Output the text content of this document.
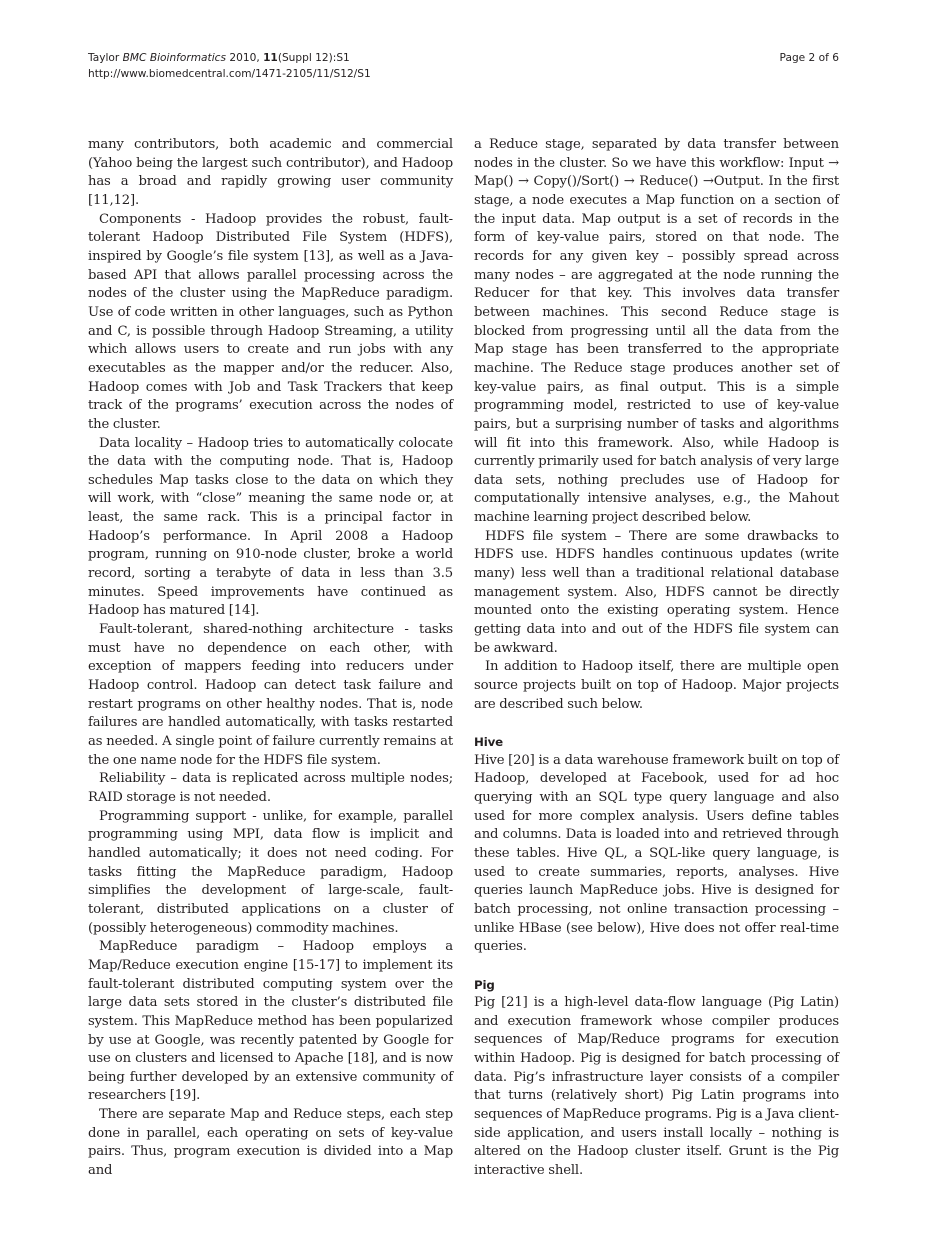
Taylor BMC Bioinformatics 2010, 11(Suppl 12):S1
http://www.biomedcentral.com/1471-2105/11/S12/S1
Page 2 of 6

many contributors, both academic and commercial (Yahoo being the largest such contributor), and Hadoop has a broad and rapidly growing user community [11,12].

Components - Hadoop provides the robust, fault-tolerant Hadoop Distributed File System (HDFS), inspired by Google’s file system [13], as well as a Java-based API that allows parallel processing across the nodes of the cluster using the MapReduce paradigm. Use of code written in other languages, such as Python and C, is possible through Hadoop Streaming, a utility which allows users to create and run jobs with any executables as the mapper and/or the reducer. Also, Hadoop comes with Job and Task Trackers that keep track of the programs’ execution across the nodes of the cluster.

Data locality – Hadoop tries to automatically colocate the data with the computing node. That is, Hadoop schedules Map tasks close to the data on which they will work, with “close” meaning the same node or, at least, the same rack. This is a principal factor in Hadoop’s performance. In April 2008 a Hadoop program, running on 910-node cluster, broke a world record, sorting a terabyte of data in less than 3.5 minutes. Speed improvements have continued as Hadoop has matured [14].

Fault-tolerant, shared-nothing architecture - tasks must have no dependence on each other, with exception of mappers feeding into reducers under Hadoop control. Hadoop can detect task failure and restart programs on other healthy nodes. That is, node failures are handled automatically, with tasks restarted as needed. A single point of failure currently remains at the one name node for the HDFS file system.

Reliability – data is replicated across multiple nodes; RAID storage is not needed.

Programming support - unlike, for example, parallel programming using MPI, data flow is implicit and handled automatically; it does not need coding. For tasks fitting the MapReduce paradigm, Hadoop simplifies the development of large-scale, fault-tolerant, distributed applications on a cluster of (possibly heterogeneous) commodity machines.

MapReduce paradigm – Hadoop employs a Map/Reduce execution engine [15-17] to implement its fault-tolerant distributed computing system over the large data sets stored in the cluster’s distributed file system. This MapReduce method has been popularized by use at Google, was recently patented by Google for use on clusters and licensed to Apache [18], and is now being further developed by an extensive community of researchers [19].

There are separate Map and Reduce steps, each step done in parallel, each operating on sets of key-value pairs. Thus, program execution is divided into a Map and

a Reduce stage, separated by data transfer between nodes in the cluster. So we have this workflow: Input → Map() → Copy()/Sort() → Reduce() →Output. In the first stage, a node executes a Map function on a section of the input data. Map output is a set of records in the form of key-value pairs, stored on that node. The records for any given key – possibly spread across many nodes – are aggregated at the node running the Reducer for that key. This involves data transfer between machines. This second Reduce stage is blocked from progressing until all the data from the Map stage has been transferred to the appropriate machine. The Reduce stage produces another set of key-value pairs, as final output. This is a simple programming model, restricted to use of key-value pairs, but a surprising number of tasks and algorithms will fit into this framework. Also, while Hadoop is currently primarily used for batch analysis of very large data sets, nothing precludes use of Hadoop for computationally intensive analyses, e.g., the Mahout machine learning project described below.

HDFS file system – There are some drawbacks to HDFS use. HDFS handles continuous updates (write many) less well than a traditional relational database management system. Also, HDFS cannot be directly mounted onto the existing operating system. Hence getting data into and out of the HDFS file system can be awkward.

In addition to Hadoop itself, there are multiple open source projects built on top of Hadoop. Major projects are described such below.

Hive

Hive [20] is a data warehouse framework built on top of Hadoop, developed at Facebook, used for ad hoc querying with an SQL type query language and also used for more complex analysis. Users define tables and columns. Data is loaded into and retrieved through these tables. Hive QL, a SQL-like query language, is used to create summaries, reports, analyses. Hive queries launch MapReduce jobs. Hive is designed for batch processing, not online transaction processing – unlike HBase (see below), Hive does not offer real-time queries.

Pig

Pig [21] is a high-level data-flow language (Pig Latin) and execution framework whose compiler produces sequences of Map/Reduce programs for execution within Hadoop. Pig is designed for batch processing of data. Pig’s infrastructure layer consists of a compiler that turns (relatively short) Pig Latin programs into sequences of MapReduce programs. Pig is a Java client-side application, and users install locally – nothing is altered on the Hadoop cluster itself. Grunt is the Pig interactive shell.
